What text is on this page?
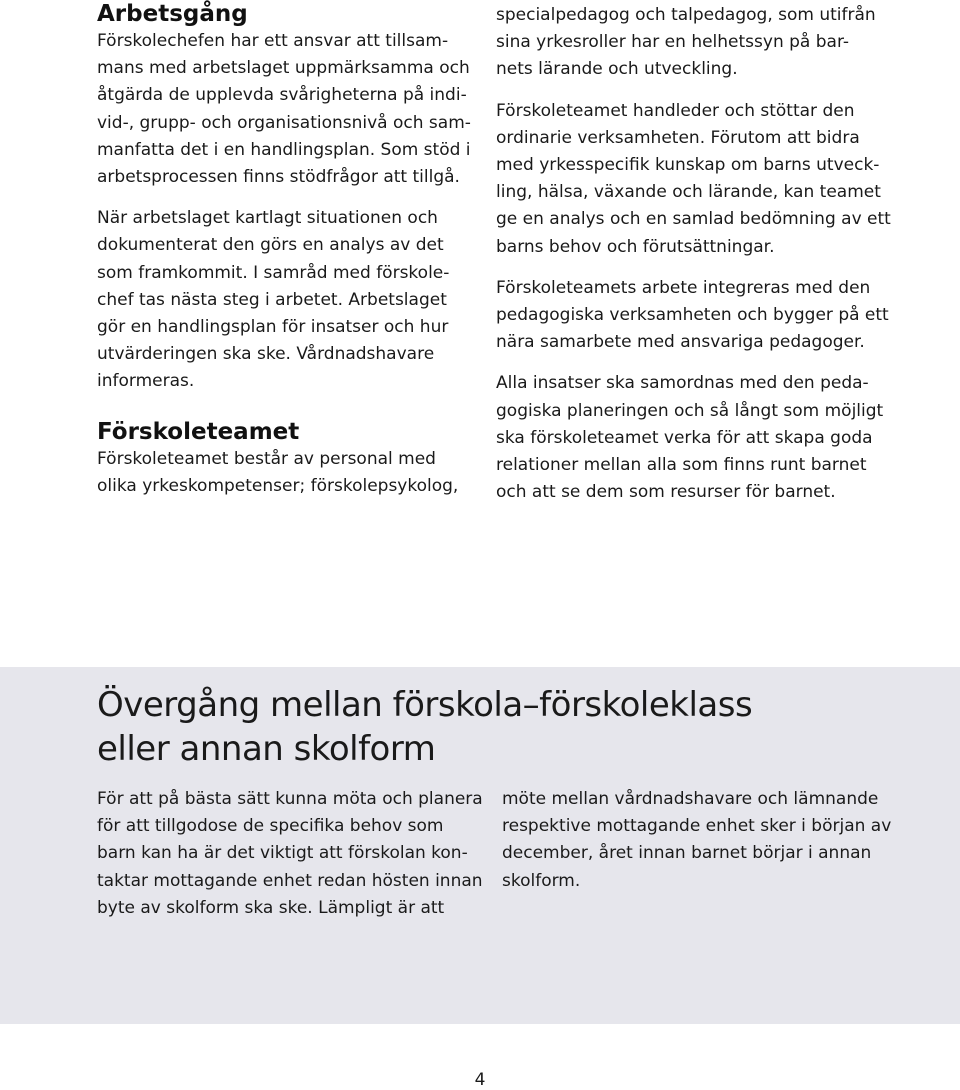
Arbetsgång

Förskolechefen har ett ansvar att tillsam-
mans med arbetslaget uppmärksamma och
åtgärda de upplevda svårigheterna på indi-
vid-, grupp- och organisationsnivå och sam-
manfatta det i en handlingsplan. Som stöd i
arbetsprocessen finns stödfrågor att tillgå.

När arbetslaget kartlagt situationen och
dokumenterat den görs en analys av det
som framkommit. I samråd med förskole-
chef tas nästa steg i arbetet. Arbetslaget
gör en handlingsplan för insatser och hur
utvärderingen ska ske. Vårdnadshavare
informeras.

Förskoleteamet

Förskoleteamet består av personal med
olika yrkeskompetenser; förskolepsykolog,

specialpedagog och talpedagog, som utifrån
sina yrkesroller har en helhetssyn på bar-
nets lärande och utveckling.

Förskoleteamet handleder och stöttar den
ordinarie verksamheten. Förutom att bidra
med yrkesspecifik kunskap om barns utveck-
ling, hälsa, växande och lärande, kan teamet
ge en analys och en samlad bedömning av ett
barns behov och förutsättningar.

Förskoleteamets arbete integreras med den
pedagogiska verksamheten och bygger på ett
nära samarbete med ansvariga pedagoger.

Alla insatser ska samordnas med den peda-
gogiska planeringen och så långt som möjligt
ska förskoleteamet verka för att skapa goda
relationer mellan alla som finns runt barnet
och att se dem som resurser för barnet.

Övergång mellan förskola–förskoleklass
eller annan skolform

För att på bästa sätt kunna möta och planera
för att tillgodose de specifika behov som
barn kan ha är det viktigt att förskolan kon-
taktar mottagande enhet redan hösten innan
byte av skolform ska ske. Lämpligt är att

möte mellan vårdnadshavare och lämnande
respektive mottagande enhet sker i början av
december, året innan barnet börjar i annan
skolform.

4
